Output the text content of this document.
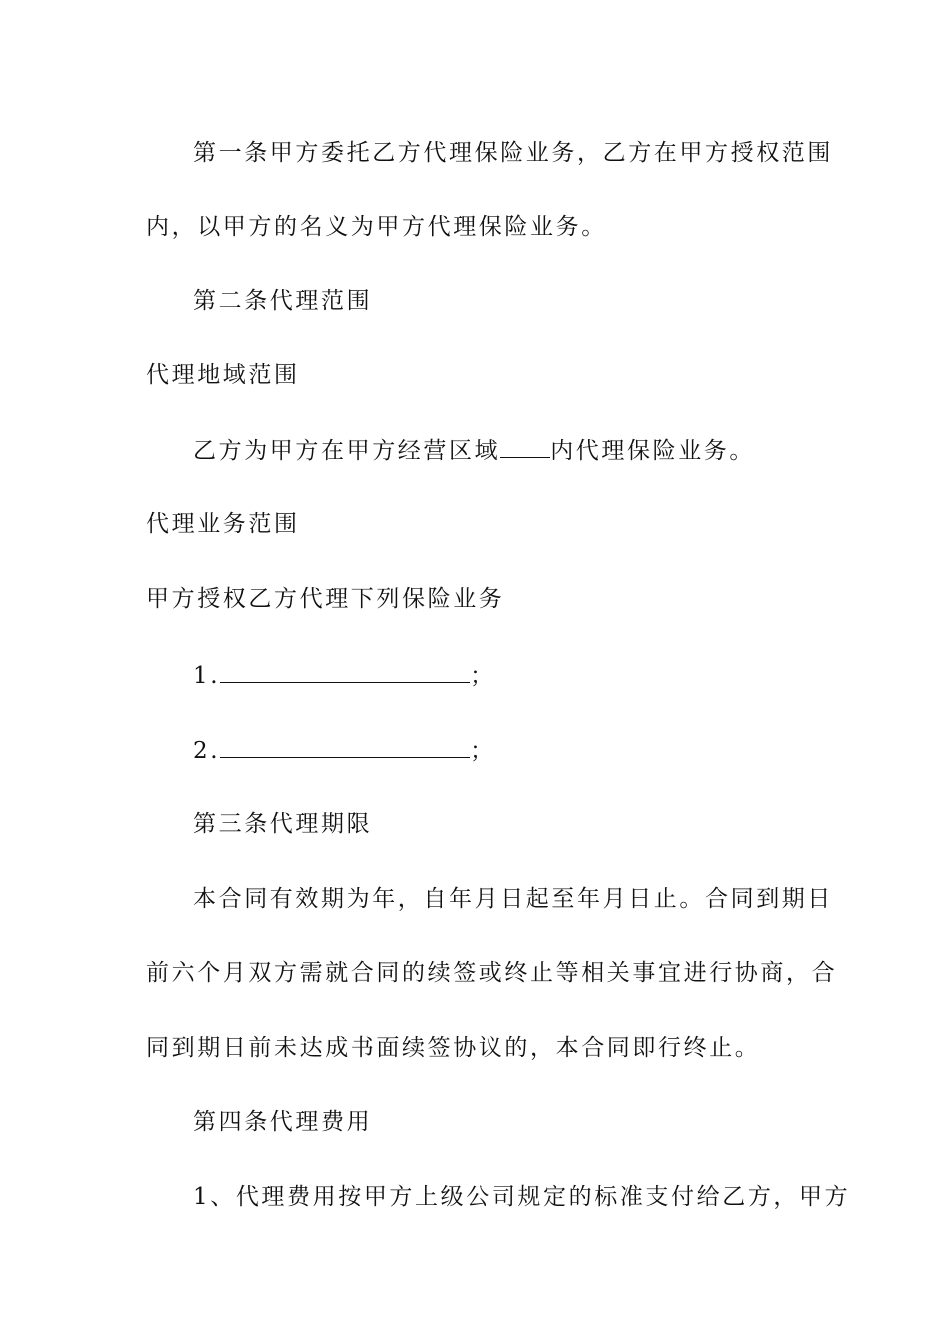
第一条甲方委托乙方代理保险业务，乙方在甲方授权范围
内，以甲方的名义为甲方代理保险业务。
第二条代理范围
代理地域范围
乙方为甲方在甲方经营区域 内代理保险业务。
代理业务范围
甲方授权乙方代理下列保险业务
1.	；
2.	；
第三条代理期限
本合同有效期为年，自年月日起至年月日止。合同到期日
前六个月双方需就合同的续签或终止等相关事宜进行协商，合
同到期日前未达成书面续签协议的，本合同即行终止。
第四条代理费用
1、代理费用按甲方上级公司规定的标准支付给乙方，甲方
